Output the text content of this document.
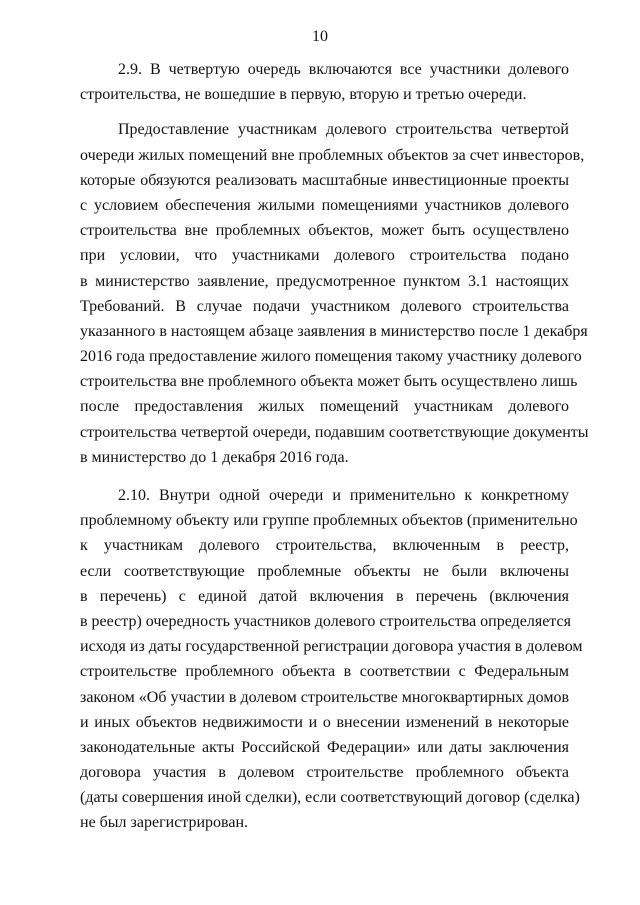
10
2.9. В четвертую очередь включаются все участники долевого
строительства, не вошедшие в первую, вторую и третью очереди.
Предоставление участникам долевого строительства четвертой
очереди жилых помещений вне проблемных объектов за счет инвесторов,
которые обязуются реализовать масштабные инвестиционные проекты
с условием обеспечения жилыми помещениями участников долевого
строительства вне проблемных объектов, может быть осуществлено
при условии, что участниками долевого строительства подано
в министерство заявление, предусмотренное пунктом 3.1 настоящих
Требований. В случае подачи участником долевого строительства
указанного в настоящем абзаце заявления в министерство после 1 декабря
2016 года предоставление жилого помещения такому участнику долевого
строительства вне проблемного объекта может быть осуществлено лишь
после предоставления жилых помещений участникам долевого
строительства четвертой очереди, подавшим соответствующие документы
в министерство до 1 декабря 2016 года.
2.10. Внутри одной очереди и применительно к конкретному
проблемному объекту или группе проблемных объектов (применительно
к участникам долевого строительства, включенным в реестр,
если соответствующие проблемные объекты не были включены
в перечень) с единой датой включения в перечень (включения
в реестр) очередность участников долевого строительства определяется
исходя из даты государственной регистрации договора участия в долевом
строительстве проблемного объекта в соответствии с Федеральным
законом «Об участии в долевом строительстве многоквартирных домов
и иных объектов недвижимости и о внесении изменений в некоторые
законодательные акты Российской Федерации» или даты заключения
договора участия в долевом строительстве проблемного объекта
(даты совершения иной сделки), если соответствующий договор (сделка)
не был зарегистрирован.
